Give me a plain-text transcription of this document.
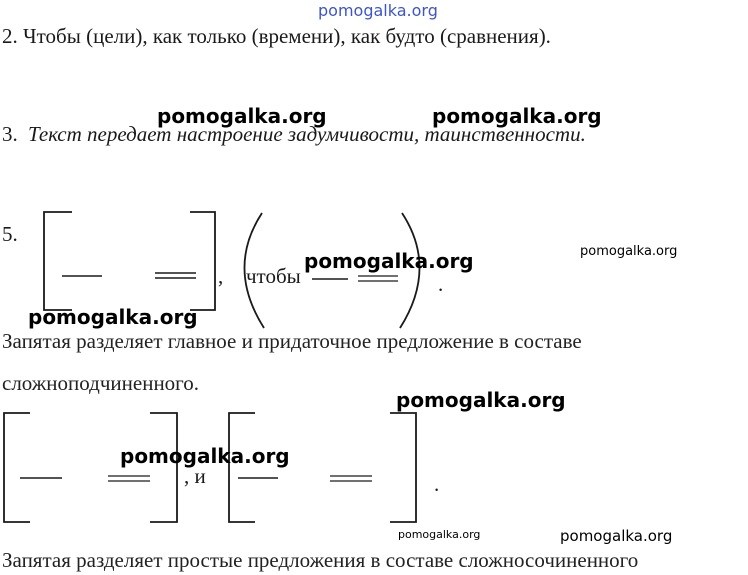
pomogalka.org
2. Чтобы (цели), как только (времени), как будто (сравнения).
3. Текст передает настроение задумчивости, таинственности.
5.
, чтобы	.
Запятая разделяет главное и придаточное предложение в составе
сложноподчиненного.
, и	.
Запятая разделяет простые предложения в составе сложносочиненного
pomogalka.org	pomogalka.org
pomogalka.org	pomogalka.org
pomogalka.org
pomogalka.org
pomogalka.org
pomogalka.org	pomogalka.org
